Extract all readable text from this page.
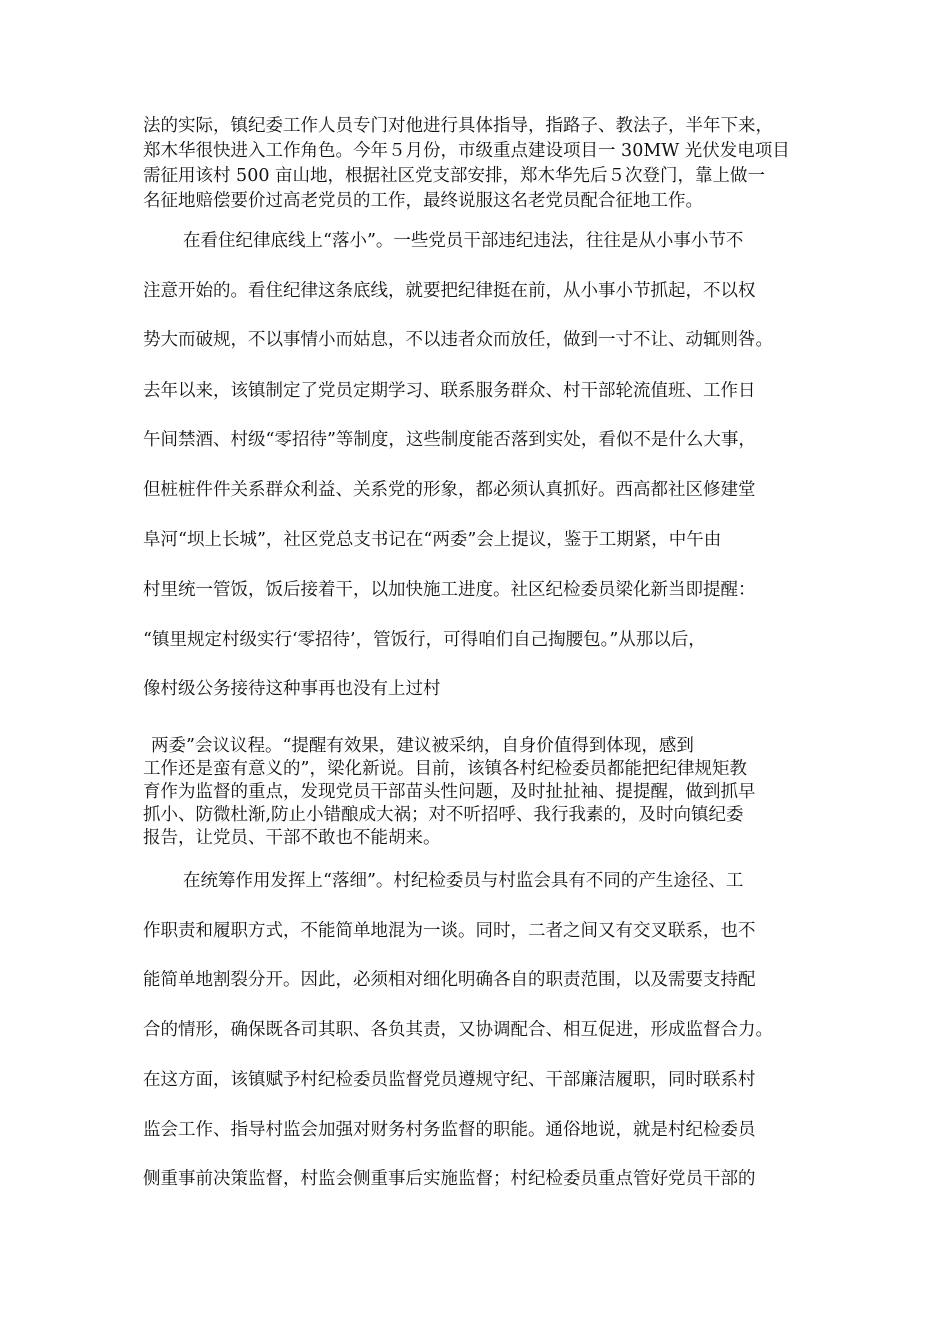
法的实际，镇纪委工作人员专门对他进行具体指导，指路子、教法子，半年下来，

郑木华很快进入工作角色。今年５月份，市级重点建设项目一 30MW 光伏发电项目

需征用该村 500 亩山地，根据社区党支部安排，郑木华先后５次登门，靠上做一

名征地赔偿要价过高老党员的工作，最终说服这名老党员配合征地工作。

在看住纪律底线上“落小”。一些党员干部违纪违法，往往是从小事小节不

注意开始的。看住纪律这条底线，就要把纪律挺在前，从小事小节抓起，不以权

势大而破规，不以事情小而姑息，不以违者众而放任，做到一寸不让、动辄则咎。

去年以来，该镇制定了党员定期学习、联系服务群众、村干部轮流值班、工作日

午间禁酒、村级“零招待”等制度，这些制度能否落到实处，看似不是什么大事，

但桩桩件件关系群众利益、关系党的形象，都必须认真抓好。西高都社区修建堂

阜河“坝上长城”，社区党总支书记在“两委”会上提议，鉴于工期紧，中午由

村里统一管饭，饭后接着干，以加快施工进度。社区纪检委员梁化新当即提醒：

“镇里规定村级实行‘零招待’，管饭行，可得咱们自己掏腰包。”从那以后，

像村级公务接待这种事再也没有上过村

两委”会议议程。“提醒有效果，建议被采纳，自身价值得到体现，感到

工作还是蛮有意义的”，梁化新说。目前，该镇各村纪检委员都能把纪律规矩教

育作为监督的重点，发现党员干部苗头性问题，及时扯扯袖、提提醒，做到抓早

抓小、防微杜渐,防止小错酿成大祸；对不听招呼、我行我素的，及时向镇纪委

报告，让党员、干部不敢也不能胡来。

在统筹作用发挥上“落细”。村纪检委员与村监会具有不同的产生途径、工

作职责和履职方式，不能简单地混为一谈。同时，二者之间又有交叉联系，也不

能简单地割裂分开。因此，必须相对细化明确各自的职责范围，以及需要支持配

合的情形，确保既各司其职、各负其责，又协调配合、相互促进，形成监督合力。

在这方面，该镇赋予村纪检委员监督党员遵规守纪、干部廉洁履职，同时联系村

监会工作、指导村监会加强对财务村务监督的职能。通俗地说，就是村纪检委员

侧重事前决策监督，村监会侧重事后实施监督；村纪检委员重点管好党员干部的
